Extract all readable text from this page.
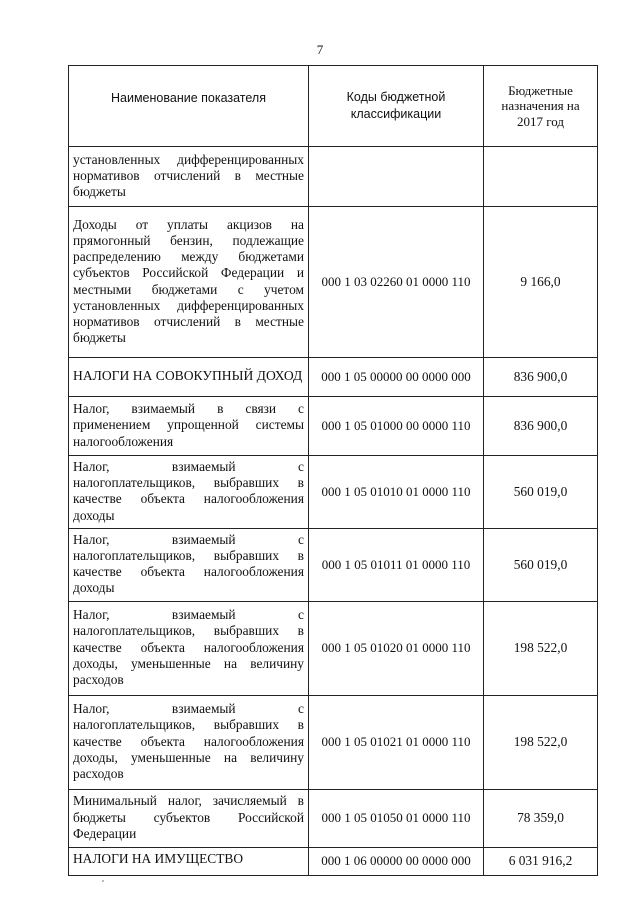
7
Наименование показателя	Коды бюджетной классификации	Бюджетные назначения на 2017 год
установленных дифференцированных нормативов отчислений в местные бюджеты		
Доходы от уплаты акцизов на прямогонный бензин, подлежащие распределению между бюджетами субъектов Российской Федерации и местными бюджетами с учетом установленных дифференцированных нормативов отчислений в местные бюджеты	000 1 03 02260 01 0000 110	9 166,0
НАЛОГИ НА СОВОКУПНЫЙ ДОХОД	000 1 05 00000 00 0000 000	836 900,0
Налог, взимаемый в связи с применением упрощенной системы налогообложения	000 1 05 01000 00 0000 110	836 900,0
Налог, взимаемый с налогоплательщиков, выбравших в качестве объекта налогообложения доходы	000 1 05 01010 01 0000 110	560 019,0
Налог, взимаемый с налогоплательщиков, выбравших в качестве объекта налогообложения доходы	000 1 05 01011 01 0000 110	560 019,0
Налог, взимаемый с налогоплательщиков, выбравших в качестве объекта налогообложения доходы, уменьшенные на величину расходов	000 1 05 01020 01 0000 110	198 522,0
Налог, взимаемый с налогоплательщиков, выбравших в качестве объекта налогообложения доходы, уменьшенные на величину расходов	000 1 05 01021 01 0000 110	198 522,0
Минимальный налог, зачисляемый в бюджеты субъектов Российской Федерации	000 1 05 01050 01 0000 110	78 359,0
НАЛОГИ НА ИМУЩЕСТВО	000 1 06 00000 00 0000 000	6 031 916,2
